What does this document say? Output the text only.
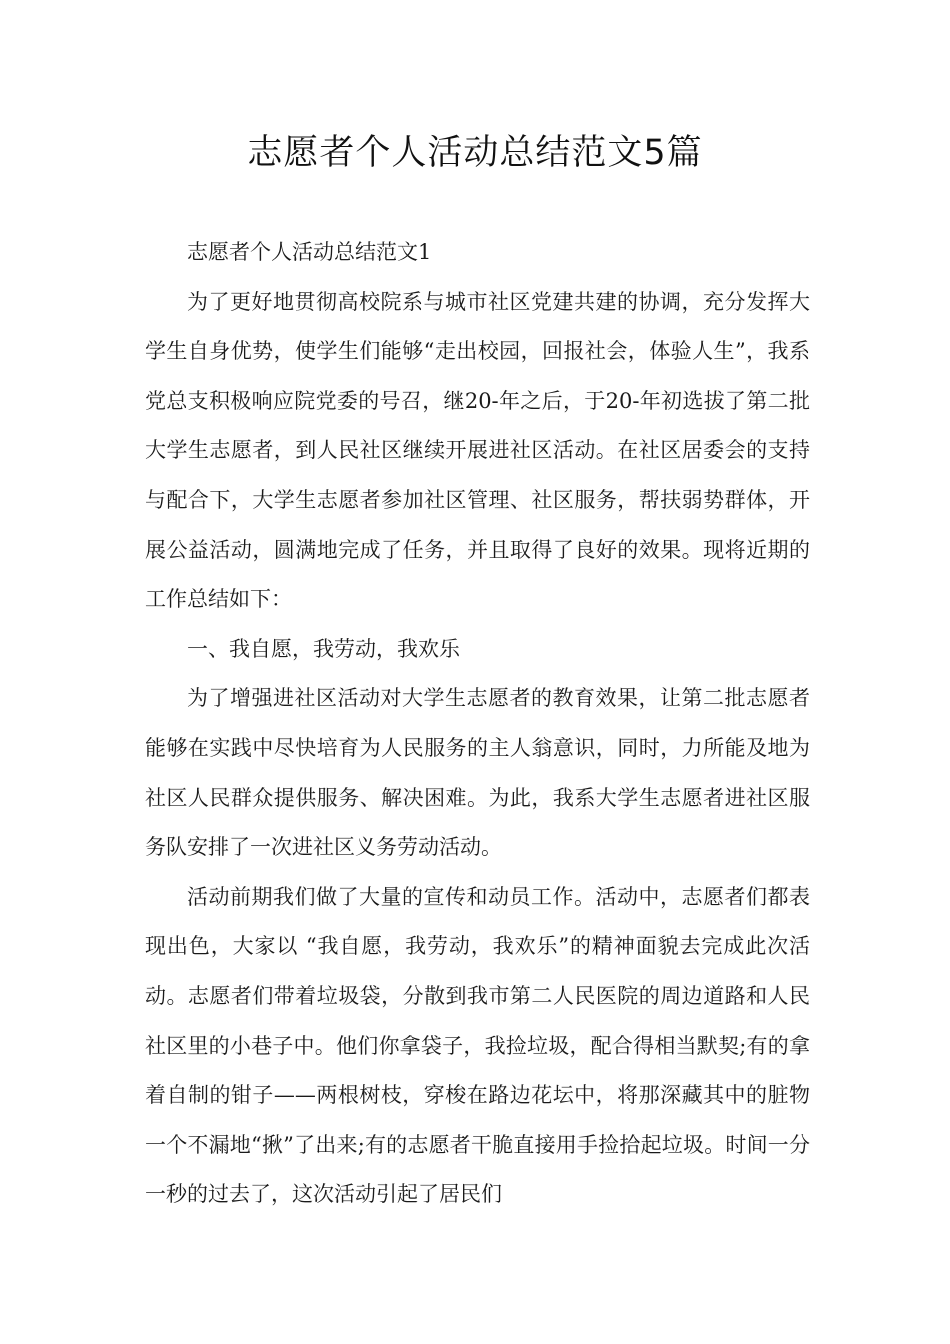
志愿者个人活动总结范文5篇

志愿者个人活动总结范文1

为了更好地贯彻高校院系与城市社区党建共建的协调，充分发挥大学生自身优势，使学生们能够“走出校园，回报社会，体验人生”，我系党总支积极响应院党委的号召，继20-年之后，于20-年初选拔了第二批大学生志愿者，到人民社区继续开展进社区活动。在社区居委会的支持与配合下，大学生志愿者参加社区管理、社区服务，帮扶弱势群体，开展公益活动，圆满地完成了任务，并且取得了良好的效果。现将近期的工作总结如下：

一、我自愿，我劳动，我欢乐

为了增强进社区活动对大学生志愿者的教育效果，让第二批志愿者能够在实践中尽快培育为人民服务的主人翁意识，同时，力所能及地为社区人民群众提供服务、解决困难。为此，我系大学生志愿者进社区服务队安排了一次进社区义务劳动活动。

活动前期我们做了大量的宣传和动员工作。活动中，志愿者们都表现出色，大家以 “我自愿，我劳动，我欢乐”的精神面貌去完成此次活动。志愿者们带着垃圾袋，分散到我市第二人民医院的周边道路和人民社区里的小巷子中。他们你拿袋子，我捡垃圾，配合得相当默契;有的拿着自制的钳子——两根树枝，穿梭在路边花坛中，将那深藏其中的脏物一个不漏地“揪”了出来;有的志愿者干脆直接用手捡拾起垃圾。时间一分一秒的过去了，这次活动引起了居民们
